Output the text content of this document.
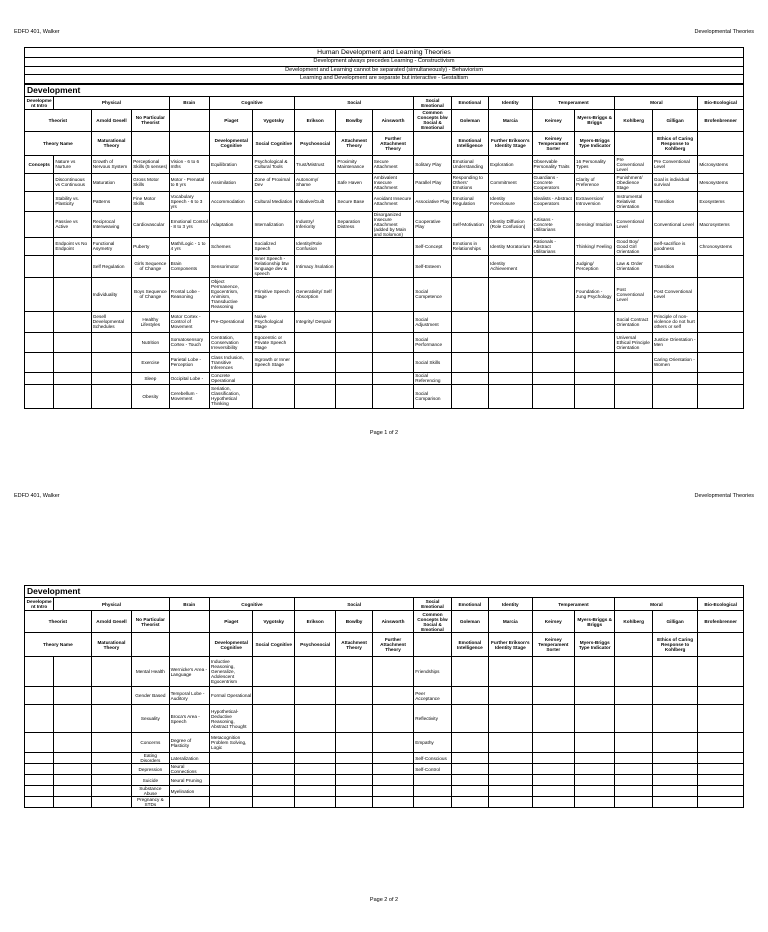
EDFD 401, Walker	Developmental Theories
Human Development and Learning Theories
Development always precedes Learning - Constructivism
Development and Learning cannot be separated (simultaneously) - Behaviorism
Learning and Development are separate but interactive - Gestaltism
Development
Development Intro	Physical			Brain	Cognitive		Social			Social Emotional	Emotional	Identity	Temperament		Moral		Bio-Ecological
Theorist		Arnold Gesell	No Particular Theorist		Piaget	Vygotsky	Erikson	Bowlby	Ainsworth	Common Concepts b/w Social & Emotional	Goleman	Marcia	Keirsey	Myers-Briggs & Briggs	Kohlberg	Gilligan	Brofenbrenner
Theory Name		Maturational Theory			Developmental Cognitive	Social Cognitive	Psychosocial	Attachment Theory	Further Attachment Theory		Emotional Intelligence	Further Erikson's Identity Stage	Keirsey Temperament Sorter	Myers-Briggs Type Indicator		Ethics of Caring Response to Kohlberg	
Concepts	Nature vs Nurture	Growth of Nervous System	Perceptional Skills (5 senses)	Vision - 6 to 6 mths	Equilibration	Psychological & Cultural Tools	Trust/Mistrust	Proximity Maintenance	Secure Attachment	Solitary Play	Emotional Understanding	Exploration	Observable Personality Traits	16 Personality Types	Pre Conventional Level	Pre Conventional Level	Microsystems
	Discontinuous vs Continuous	Maturation	Gross Motor Skills	Motor - Prenatal to 8 yrs	Assimilation	Zone of Proximal Dev	Autonomy/ Shame	Safe Haven	Ambivalent Insecure Attachment	Parallel Play	Responding to Others' Emotions	Commitment	Guardians - Concrete Cooperators	Clarity of Preference	Punishment/ Obedience Stage	Goal is individual survival	Mesosystems
	Stability vs. Plasticity	Patterns	Fine Motor Skills	Vocabulary Speech - 6 to 3 yrs	Accommodation	Cultural Mediation	Initiative/Guilt	Secure Base	Avoidant Insecure Attachment	Associative Play	Emotional Regulation	Identity Foreclosure	Idealists - Abstract Cooperators	Extraversion/ Introversion	Instrumental Relativist Orientation	Transition	Exosystems
	Passive vs Active	Reciprocal Interweaving	Cardiovascular	Emotional Control - 8 to 3 yrs	Adaptation	Internalization	Industry/ Inferiority	Separation Distress	Disorganized Insecure Attachment (added by Main and Solomon)	Cooperative Play	Self-Motivation	Identity Diffusion (Role Confusion)	Artisans - Concrete Utilitarians	Sensing/ Intuition	Conventional Level	Conventional Level	Macrosystems
	Endpoint vs No Endpoint	Functional Asymetry	Puberty	Math/Logic - 1 to 4 yrs	Schemes	Socialized Speech	Identity/Role Confusion			Self-Concept	Emotions in Relationships	Identity Moratorium	Rationals - Abstract Utilitarians	Thinking/ Feeling	Good Boy/ Good Girl Orientation	Self-sacrifice is goodness	Chronosystems
		Self Regulation	Girls Sequence of Change	Brain Components	Sensorimotor	Inner Speech - Relationship btw language dev & speech	Intimacy /Isolation			Self-Esteem		Identity Achievement		Judging/ Perception	Law & Order Orientation	Transition	
		Individuality	Boys Sequence of Change	Frontal Lobe - Reasoning	Object Permanence, Egocentrism, Animism, Transductive Reasoning	Primitive Speech Stage	Generativity/ Self Absorption			Social Competence				Foundation - Jung Psychology	Post Conventional Level	Post Conventional Level	
		Gesell Developmental Schedules	Healthy Lifestyles	Motor Cortex - Control of Movement	Pre-Operational	Naive Psychological Stage	Integrity/ Despair			Social Adjustment					Social Contract Orientation	Principle of non-violence do not hurt others or self	
			Nutrition	Somatosensory Cortex - Touch	Centration, Conservation Irreversibility	Egocentric or Private Speech Stage				Social Performance					Universal Ethical Principle Orientation	Justice Orientation - Men	
			Exercise	Parietal Lobe - Perception	Class Inclusion, Transitive Inferences	Ingrowth or Inner Speech Stage				Social Skills						Caring Orientation - Women	
			Sleep	Occipital Lobe -	Concrete Operational					Social Referencing							
			Obesity	Cerebellum - Movement	Seriation, Classification, Hypothetical Thinking					Social Comparison							
Page 1 of 2
EDFD 401, Walker	Developmental Theories
Development
Development Intro	Physical			Brain	Cognitive		Social			Social Emotional	Emotional	Identity	Temperament		Moral		Bio-Ecological
Theorist		Arnold Gesell	No Particular Theorist		Piaget	Vygotsky	Erikson	Bowlby	Ainsworth	Common Concepts b/w Social & Emotional	Goleman	Marcia	Keirsey	Myers-Briggs & Briggs	Kohlberg	Gilligan	Brofenbrenner
Theory Name		Maturational Theory			Developmental Cognitive	Social Cognitive	Psychosocial	Attachment Theory	Further Attachment Theory		Emotional Intelligence	Further Erikson's Identity Stage	Keirsey Temperament Sorter	Myers-Briggs Type Indicator		Ethics of Caring Response to Kohlberg	
			Mental Health	Wernicke's Area - Language	Inductive Reasoning, Generalize, Adolescent Egocentrism					Friendships							
			Gender Based	Temporal Lobe - Auditory	Formal Operational					Peer Acceptance							
			Sexuality	Broca's Area - Speech	Hypothetical-Deductive Reasoning, Abstract Thought					Reflectivity							
			Concerns	Degree of Plasticity	Metacognition Problem Solving, Logic					Empathy							
			Eating Disorders	Lateralization						Self-Conscious							
			Depression	Neural Connections						Self-Control							
			Suicide	Neural Pruning													
			Substance Abuse	Myelination													
			Pregnancy & STDs														
Page 2 of 2
